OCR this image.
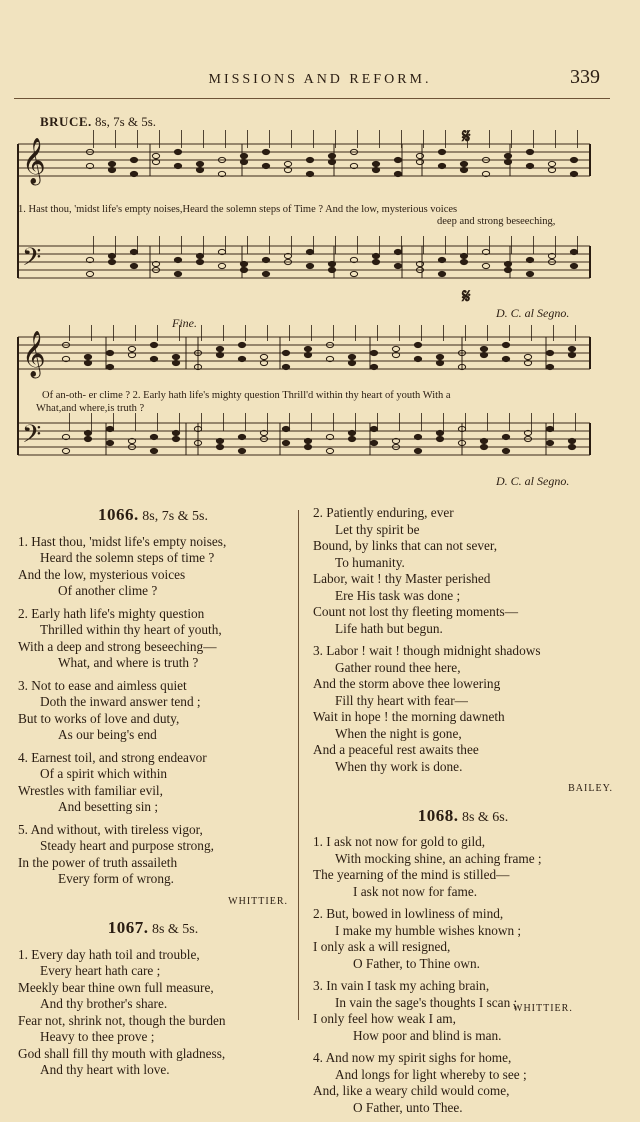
MISSIONS AND REFORM.	339
BRUCE. 8s, 7s & 5s.
𝄞
𝄢
𝄋
1. Hast thou, 'midst life's empty noises,Heard the solemn steps of Time ? And the low, mysterious voices
deep and strong beseeching,
𝄋
D. C. al Segno.
Fine.
𝄞
𝄢
Of an-oth- er clime ? 2. Early hath life's mighty question Thrill'd within thy heart of youth With a
What,and where,is truth ?
D. C. al Segno.
1066. 8s, 7s & 5s.
1. Hast thou, 'midst life's empty noises,
Heard the solemn steps of time ?
And the low, mysterious voices
Of another clime ?
2. Early hath life's mighty question
Thrilled within thy heart of youth,
With a deep and strong beseeching—
What, and where is truth ?
3. Not to ease and aimless quiet
Doth the inward answer tend ;
But to works of love and duty,
As our being's end
4. Earnest toil, and strong endeavor
Of a spirit which within
Wrestles with familiar evil,
And besetting sin ;
5. And without, with tireless vigor,
Steady heart and purpose strong,
In the power of truth assaileth
Every form of wrong.
WHITTIER.
1067. 8s & 5s.
1. Every day hath toil and trouble,
Every heart hath care ;
Meekly bear thine own full measure,
And thy brother's share.
Fear not, shrink not, though the burden
Heavy to thee prove ;
God shall fill thy mouth with gladness,
And thy heart with love.
2. Patiently enduring, ever
Let thy spirit be
Bound, by links that can not sever,
To humanity.
Labor, wait ! thy Master perished
Ere His task was done ;
Count not lost thy fleeting moments—
Life hath but begun.
3. Labor ! wait ! though midnight shadows
Gather round thee here,
And the storm above thee lowering
Fill thy heart with fear—
Wait in hope ! the morning dawneth
When the night is gone,
And a peaceful rest awaits thee
When thy work is done.
BAILEY.
1068. 8s & 6s.
1. I ask not now for gold to gild,
With mocking shine, an aching frame ;
The yearning of the mind is stilled—
I ask not now for fame.
2. But, bowed in lowliness of mind,
I make my humble wishes known ;
I only ask a will resigned,
O Father, to Thine own.
3. In vain I task my aching brain,
In vain the sage's thoughts I scan ;
I only feel how weak I am,
How poor and blind is man.
4. And now my spirit sighs for home,
And longs for light whereby to see ;
And, like a weary child would come,
O Father, unto Thee.
WHITTIER.
